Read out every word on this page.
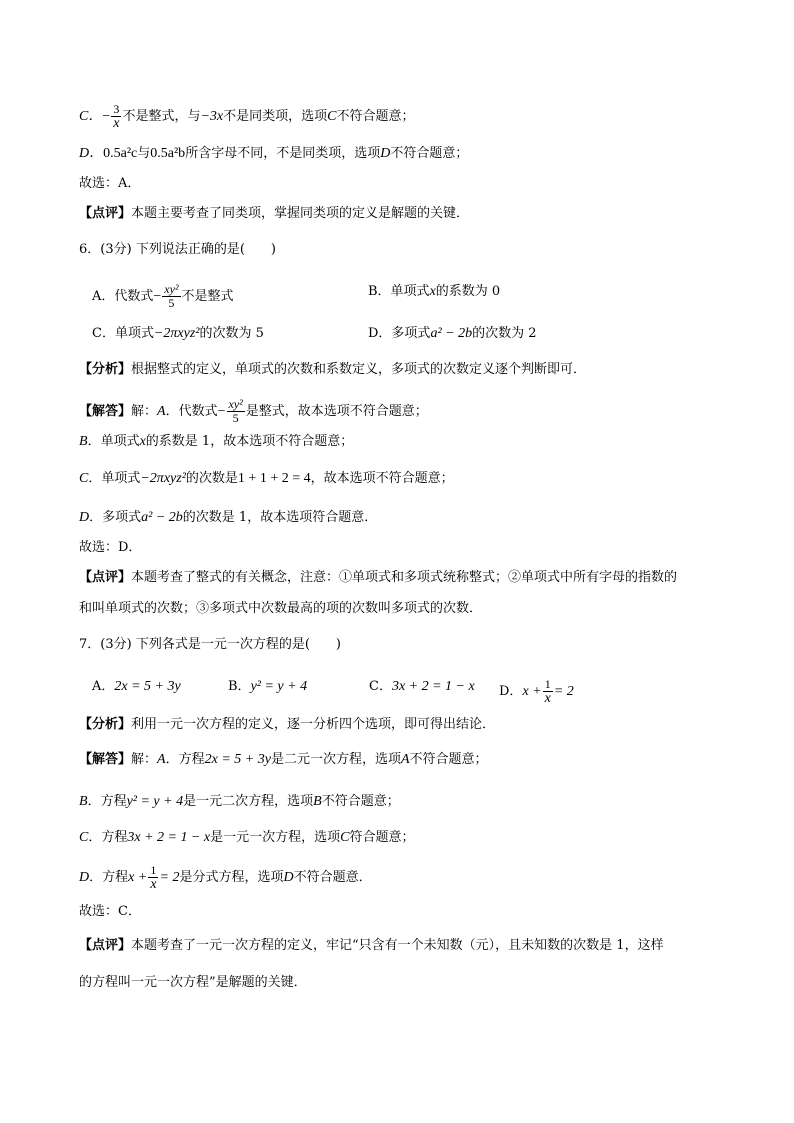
C．− $\frac{3}{x}$ 不是整式，与−3x不是同类项，选项C不符合题意；
D．0.5a²c与0.5a²b所含字母不同，不是同类项，选项D不符合题意；
故选：A．
【点评】本题主要考查了同类项，掌握同类项的定义是解题的关键．
6．(3分) 下列说法正确的是(　　)
A．代数式− $\frac{\text{xy²}}{5}$ 不是整式	B．单项式x的系数为 0
C．单项式−2πxyz²的次数为 5	D．多项式a² − 2b的次数为 2
【分析】根据整式的定义，单项式的次数和系数定义，多项式的次数定义逐个判断即可．
【解答】解：A．代数式− $\frac{\text{xy²}}{5}$ 是整式，故本选项不符合题意；
B．单项式x的系数是 1，故本选项不符合题意；
C．单项式−2πxyz²的次数是1 + 1 + 2 = 4，故本选项不符合题意；
D．多项式a² − 2b的次数是 1，故本选项符合题意．
故选：D．
【点评】本题考查了整式的有关概念，注意：①单项式和多项式统称整式；②单项式中所有字母的指数的
和叫单项式的次数；③多项式中次数最高的项的次数叫多项式的次数．
7．(3分) 下列各式是一元一次方程的是(　　)
A．2x = 5 + 3y	B．y² = y + 4	C．3x + 2 = 1 − x D．$x + \frac{1}{x} = 2$
【分析】利用一元一次方程的定义，逐一分析四个选项，即可得出结论．
【解答】解：A．方程2x = 5 + 3y是二元一次方程，选项A不符合题意；
B．方程y² = y + 4是一元二次方程，选项B不符合题意；
C．方程3x + 2 = 1 − x是一元一次方程，选项C符合题意；
D．方程$x + \frac{1}{x} = 2$是分式方程，选项D不符合题意．
故选：C．
【点评】本题考查了一元一次方程的定义，牢记“只含有一个未知数（元），且未知数的次数是 1，这样
的方程叫一元一次方程”是解题的关键．
